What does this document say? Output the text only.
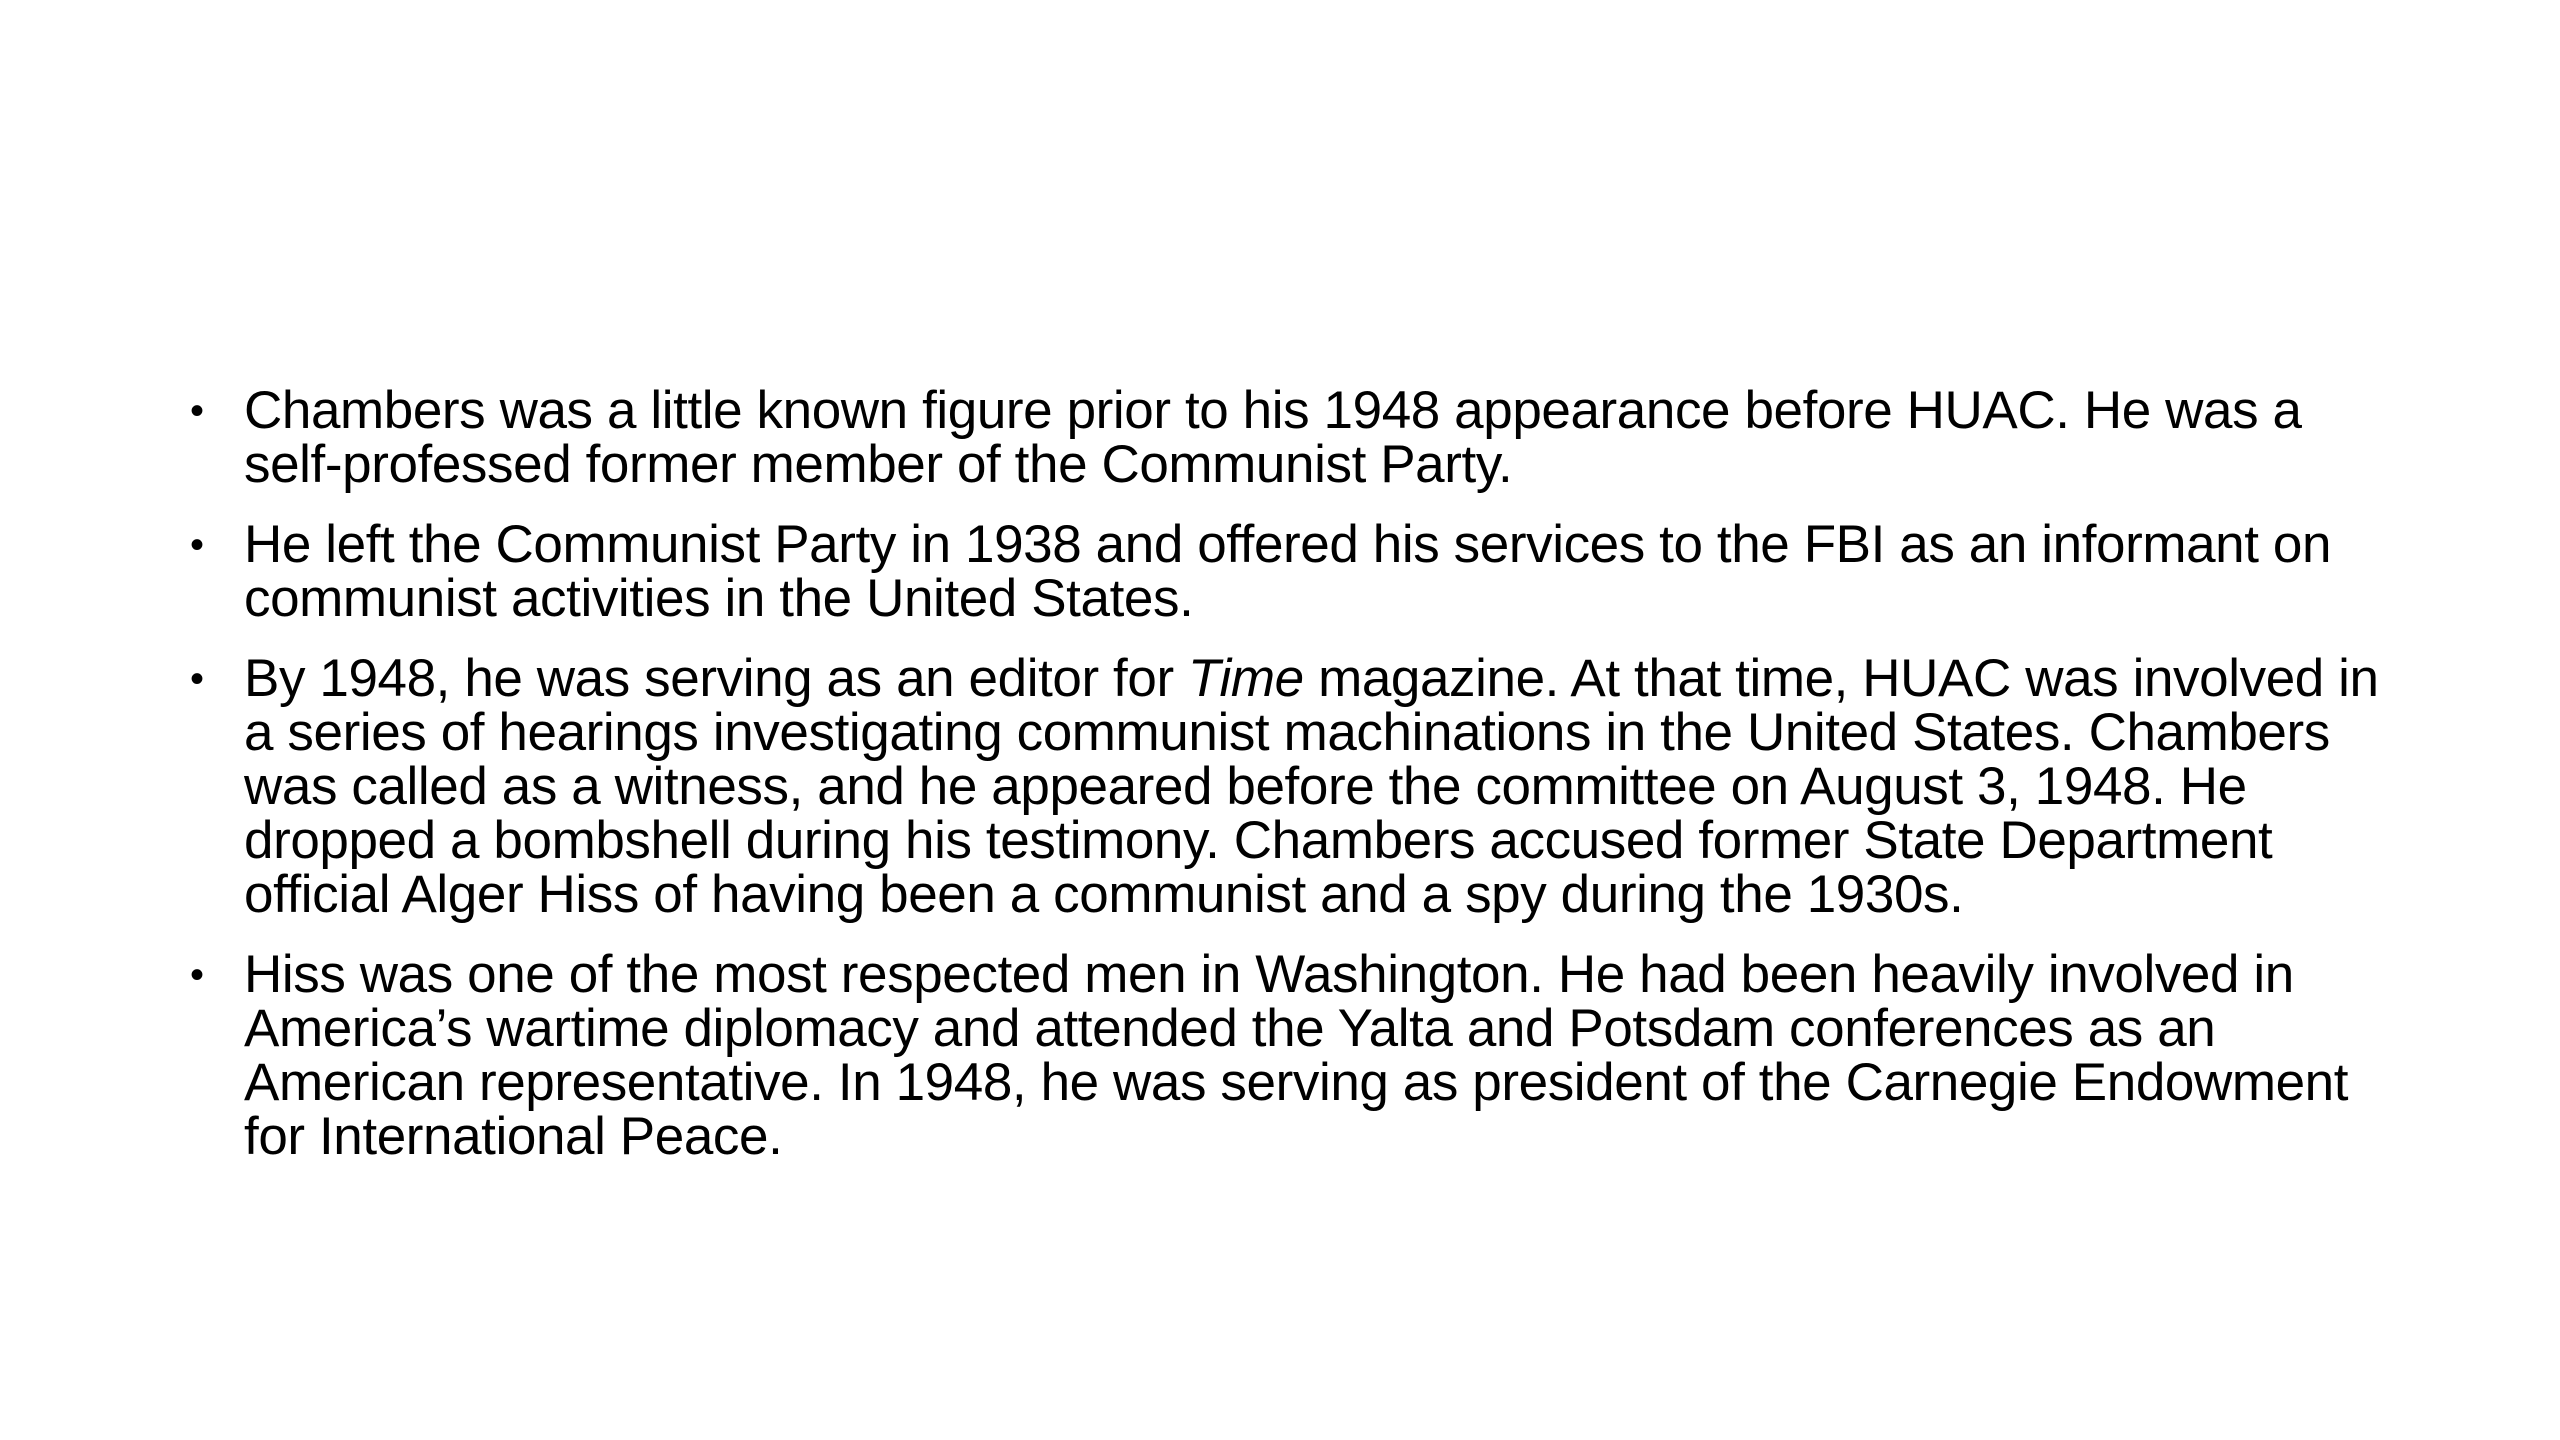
• Chambers was a little known figure prior to his 1948 appearance before HUAC. He was a self-professed former member of the Communist Party.
• He left the Communist Party in 1938 and offered his services to the FBI as an informant on communist activities in the United States.
• By 1948, he was serving as an editor for Time magazine. At that time, HUAC was involved in a series of hearings investigating communist machinations in the United States. Chambers was called as a witness, and he appeared before the committee on August 3, 1948. He dropped a bombshell during his testimony. Chambers accused former State Department official Alger Hiss of having been a communist and a spy during the 1930s.
• Hiss was one of the most respected men in Washington. He had been heavily involved in America’s wartime diplomacy and attended the Yalta and Potsdam conferences as an American representative. In 1948, he was serving as president of the Carnegie Endowment for International Peace.
